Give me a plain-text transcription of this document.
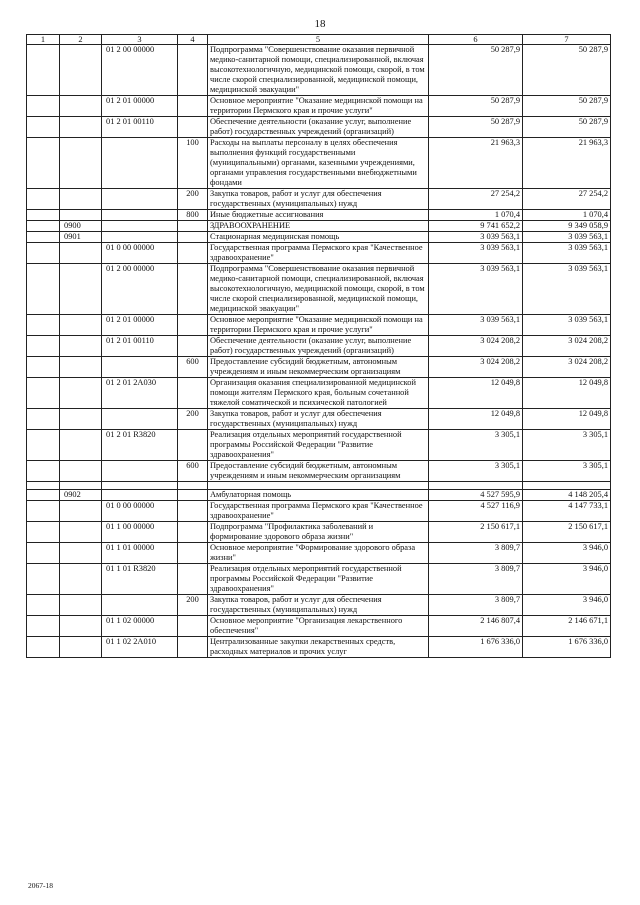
18
1	2	3	4	5	6	7
		01 2 00 00000		Подпрограмма "Совершенствование оказания первичной медико-санитарной помощи, специализированной, включая высокотехнологичную, медицинской помощи, скорой, в том числе скорой специализированной, медицинской помощи, медицинской эвакуации"	50 287,9	50 287,9
		01 2 01 00000		Основное мероприятие "Оказание медицинской помощи на территории Пермского края и прочие услуги"	50 287,9	50 287,9
		01 2 01 00110		Обеспечение деятельности (оказание услуг, выполнение работ) государственных учреждений (организаций)	50 287,9	50 287,9
			100	Расходы на выплаты персоналу в целях обеспечения выполнения функций государственными (муниципальными) органами, казенными учреждениями, органами управления государственными внебюджетными фондами	21 963,3	21 963,3
			200	Закупка товаров, работ и услуг для обеспечения государственных (муниципальных) нужд	27 254,2	27 254,2
			800	Иные бюджетные ассигнования	1 070,4	1 070,4
	0900			ЗДРАВООХРАНЕНИЕ	9 741 652,2	9 349 058,9
	0901			Стационарная медицинская помощь	3 039 563,1	3 039 563,1
		01 0 00 00000		Государственная программа Пермского края "Качественное здравоохранение"	3 039 563,1	3 039 563,1
		01 2 00 00000		Подпрограмма "Совершенствование оказания первичной медико-санитарной помощи, специализированной, включая высокотехнологичную, медицинской помощи, скорой, в том числе скорой специализированной, медицинской помощи, медицинской эвакуации"	3 039 563,1	3 039 563,1
		01 2 01 00000		Основное мероприятие "Оказание медицинской помощи на территории Пермского края и прочие услуги"	3 039 563,1	3 039 563,1
		01 2 01 00110		Обеспечение деятельности (оказание услуг, выполнение работ) государственных учреждений (организаций)	3 024 208,2	3 024 208,2
			600	Предоставление субсидий бюджетным, автономным учреждениям и иным некоммерческим организациям	3 024 208,2	3 024 208,2
		01 2 01 2А030		Организация оказания специализированной медицинской помощи жителям Пермского края, больным сочетанной тяжелой соматической и психической патологией	12 049,8	12 049,8
			200	Закупка товаров, работ и услуг для обеспечения государственных (муниципальных) нужд	12 049,8	12 049,8
		01 2 01 R3820		Реализация отдельных мероприятий государственной программы Российской Федерации "Развитие здравоохранения"	3 305,1	3 305,1
			600	Предоставление субсидий бюджетным, автономным учреждениям и иным некоммерческим организациям	3 305,1	3 305,1

	0902			Амбулаторная помощь	4 527 595,9	4 148 205,4
		01 0 00 00000		Государственная программа Пермского края "Качественное здравоохранение"	4 527 116,9	4 147 733,1
		01 1 00 00000		Подпрограмма "Профилактика заболеваний и формирование здорового образа жизни"	2 150 617,1	2 150 617,1
		01 1 01 00000		Основное мероприятие "Формирование здорового образа жизни"	3 809,7	3 946,0
		01 1 01 R3820		Реализация отдельных мероприятий государственной программы Российской Федерации "Развитие здравоохранения"	3 809,7	3 946,0
			200	Закупка товаров, работ и услуг для обеспечения государственных (муниципальных) нужд	3 809,7	3 946,0
		01 1 02 00000		Основное мероприятие "Организация лекарственного обеспечения"	2 146 807,4	2 146 671,1
		01 1 02 2А010		Централизованные закупки лекарственных средств, расходных материалов и прочих услуг	1 676 336,0	1 676 336,0
2067-18
